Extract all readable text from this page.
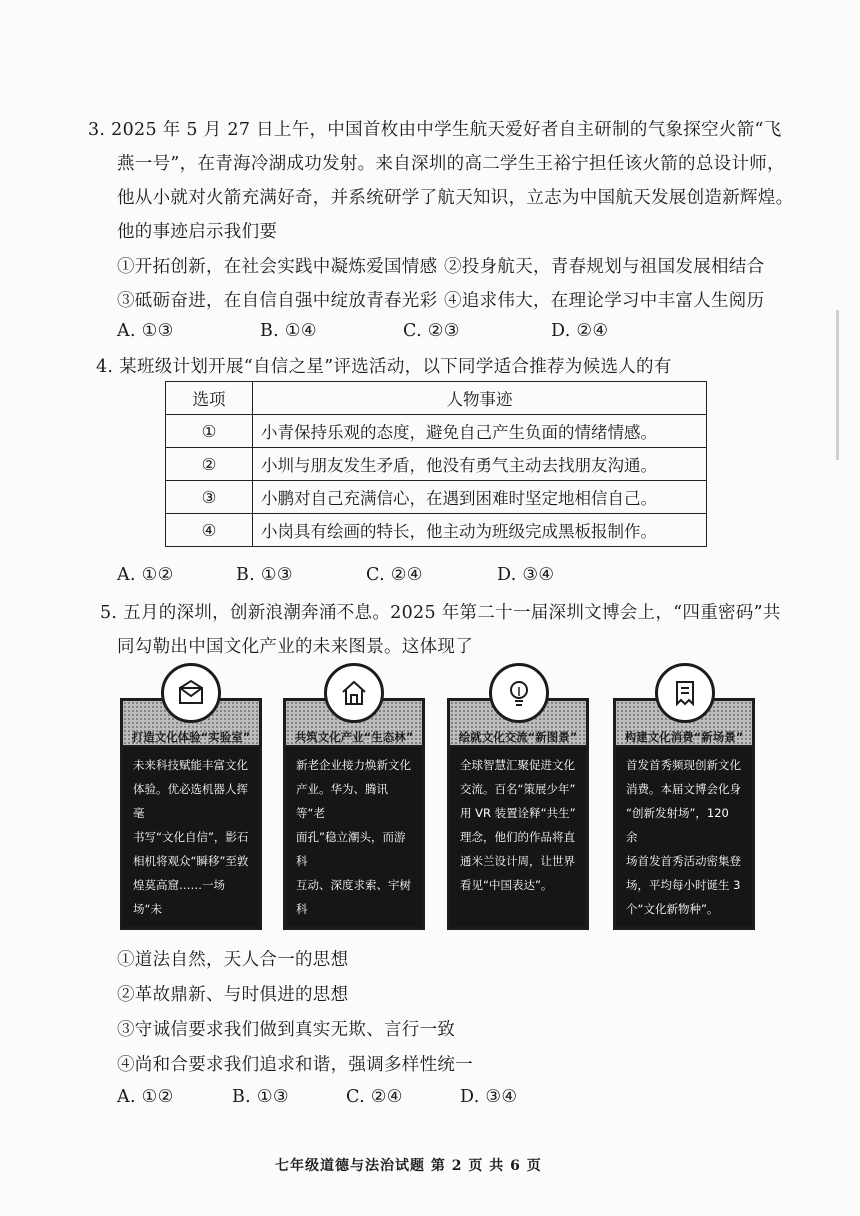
3. 2025 年 5 月 27 日上午，中国首枚由中学生航天爱好者自主研制的气象探空火箭“飞
燕一号”，在青海冷湖成功发射。来自深圳的高二学生王裕宁担任该火箭的总设计师，
他从小就对火箭充满好奇，并系统研学了航天知识，立志为中国航天发展创造新辉煌。
他的事迹启示我们要
①开拓创新，在社会实践中凝炼爱国情感 ②投身航天，青春规划与祖国发展相结合
③砥砺奋进，在自信自强中绽放青春光彩 ④追求伟大，在理论学习中丰富人生阅历
A. ①③	B. ①④	C. ②③	D. ②④
4. 某班级计划开展“自信之星”评选活动，以下同学适合推荐为候选人的有
选项	人物事迹
①	小青保持乐观的态度，避免自己产生负面的情绪情感。
②	小圳与朋友发生矛盾，他没有勇气主动去找朋友沟通。
③	小鹏对自己充满信心，在遇到困难时坚定地相信自己。
④	小岗具有绘画的特长，他主动为班级完成黑板报制作。
A. ①②	B. ①③	C. ②④	D. ③④
5. 五月的深圳，创新浪潮奔涌不息。2025 年第二十一届深圳文博会上，“四重密码”共
同勾勒出中国文化产业的未来图景。这体现了
打造文化体验“实验室”
未来科技赋能丰富文化
体验。优必选机器人挥毫
书写“文化自信”，影石
相机将观众“瞬移”至敦
煌莫高窟……一场场“未
共筑文化产业“生态林”
新老企业接力焕新文化
产业。华为、腾讯等“老
面孔”稳立潮头，而游科
互动、深度求索、宇树科
绘就文化交流“新图景”
全球智慧汇聚促进文化
交流。百名“策展少年”
用 VR 装置诠释“共生”
理念，他们的作品将直
通米兰设计周，让世界
看见“中国表达”。
构建文化消费“新场景”
首发首秀频现创新文化
消费。本届文博会化身
“创新发射场”，120 余
场首发首秀活动密集登
场，平均每小时诞生 3
个“文化新物种”。
①道法自然，天人合一的思想
②革故鼎新、与时俱进的思想
③守诚信要求我们做到真实无欺、言行一致
④尚和合要求我们追求和谐，强调多样性统一
A. ①②	B. ①③	C. ②④	D. ③④
七年级道德与法治试题 第 2 页 共 6 页
